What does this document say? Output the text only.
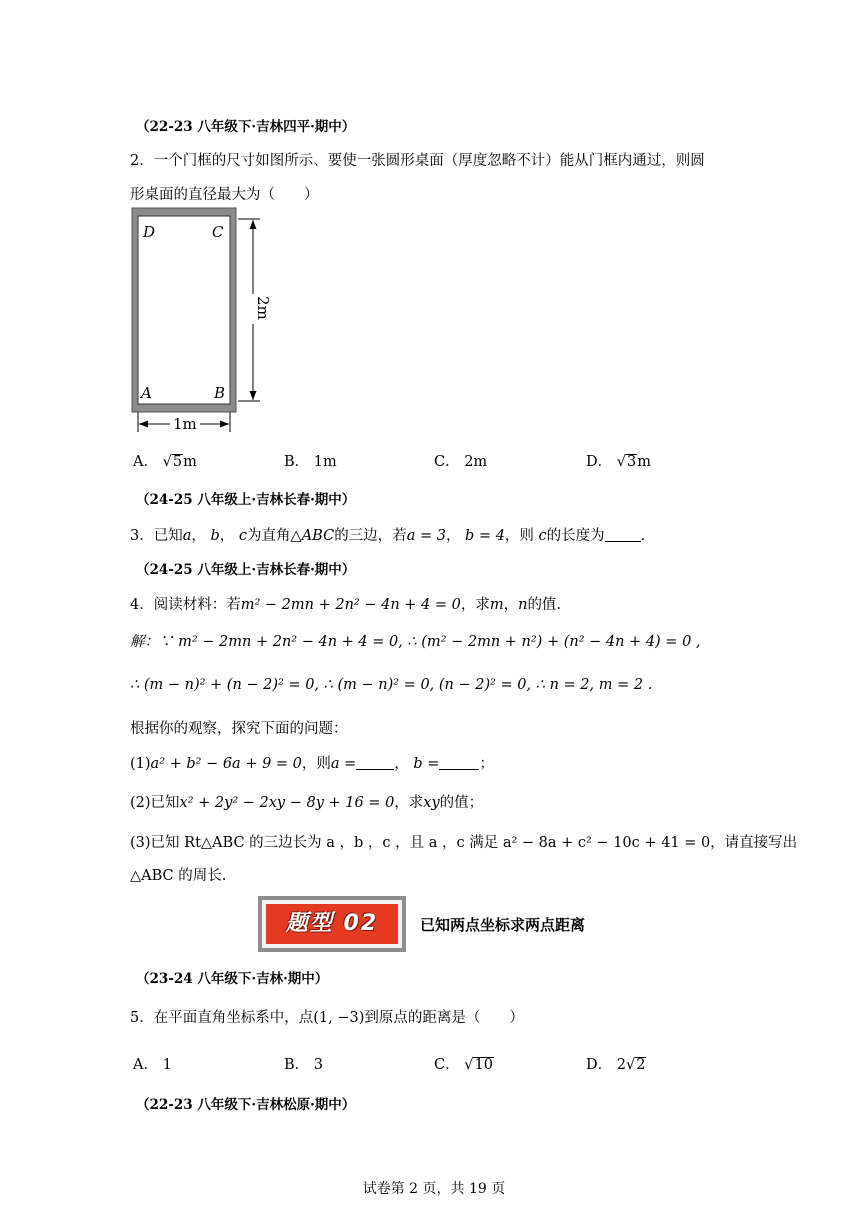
（22-23 八年级下·吉林四平·期中）
2．一个门框的尺寸如图所示、要使一张圆形桌面（厚度忽略不计）能从门框内通过，则圆
形桌面的直径最大为（　　）
D	C
A	B
2m
1m
A． √5m	B． 1m	C． 2m	D． √3m
（24-25 八年级上·吉林长春·期中）
3．已知a， b， c为直角△ABC的三边，若a = 3， b = 4，则 c的长度为 .
（24-25 八年级上·吉林长春·期中）
4．阅读材料：若m² − 2mn + 2n² − 4n + 4 = 0，求m，n的值.
解：∵ m² − 2mn + 2n² − 4n + 4 = 0, ∴ (m² − 2mn + n²) + (n² − 4n + 4) = 0 ,
∴ (m − n)² + (n − 2)² = 0, ∴ (m − n)² = 0, (n − 2)² = 0, ∴ n = 2, m = 2 .
根据你的观察，探究下面的问题：
(1)a² + b² − 6a + 9 = 0，则a =	， b =	；
(2)已知x² + 2y² − 2xy − 8y + 16 = 0，求xy的值；
(3)已知 Rt△ABC 的三边长为 a ，b ，c ，且 a ，c 满足 a² − 8a + c² − 10c + 41 = 0，请直接写出
△ABC 的周长.
题型 02	已知两点坐标求两点距离
（23-24 八年级下·吉林·期中）
5．在平面直角坐标系中，点(1, −3)到原点的距离是（　　）
A． 1	B． 3	C． √10	D． 2√2
（22-23 八年级下·吉林松原·期中）
试卷第 2 页，共 19 页
